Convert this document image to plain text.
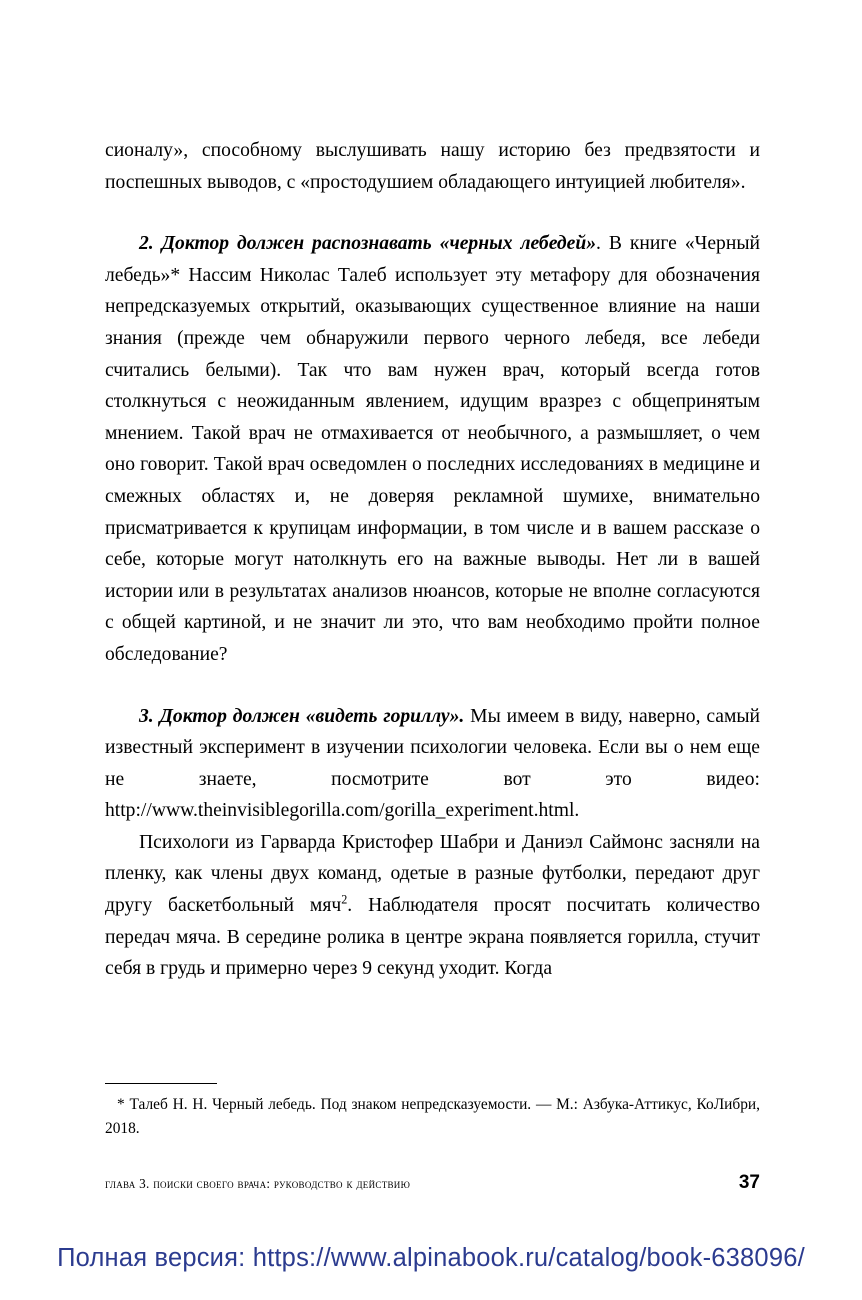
сионалу», способному выслушивать нашу историю без предвзятости и поспешных выводов, с «простодушием обладающего интуицией любителя».

2. Доктор должен распознавать «черных лебедей». В книге «Черный лебедь»* Нассим Николас Талеб использует эту метафору для обозначения непредсказуемых открытий, оказывающих существенное влияние на наши знания (прежде чем обнаружили первого черного лебедя, все лебеди считались белыми). Так что вам нужен врач, который всегда готов столкнуться с неожиданным явлением, идущим вразрез с общепринятым мнением. Такой врач не отмахивается от необычного, а размышляет, о чем оно говорит. Такой врач осведомлен о последних исследованиях в медицине и смежных областях и, не доверяя рекламной шумихе, внимательно присматривается к крупицам информации, в том числе и в вашем рассказе о себе, которые могут натолкнуть его на важные выводы. Нет ли в вашей истории или в результатах анализов нюансов, которые не вполне согласуются с общей картиной, и не значит ли это, что вам необходимо пройти полное обследование?

3. Доктор должен «видеть гориллу». Мы имеем в виду, наверно, самый известный эксперимент в изучении психологии человека. Если вы о нем еще не знаете, посмотрите вот это видео: http://www.theinvisiblegorilla.com/gorilla_experiment.html.

Психологи из Гарварда Кристофер Шабри и Даниэл Саймонс засняли на пленку, как члены двух команд, одетые в разные футболки, передают друг другу баскетбольный мяч$^2$. Наблюдателя просят посчитать количество передач мяча. В середине ролика в центре экрана появляется горилла, стучит себя в грудь и примерно через 9 секунд уходит. Когда

* Талеб Н. Н. Черный лебедь. Под знаком непредсказуемости. — М.: Азбука-Аттикус, КоЛибри, 2018.

глава 3. поиски своего врача: руководство к действию	37
Полная версия: https://www.alpinabook.ru/catalog/book-638096/
